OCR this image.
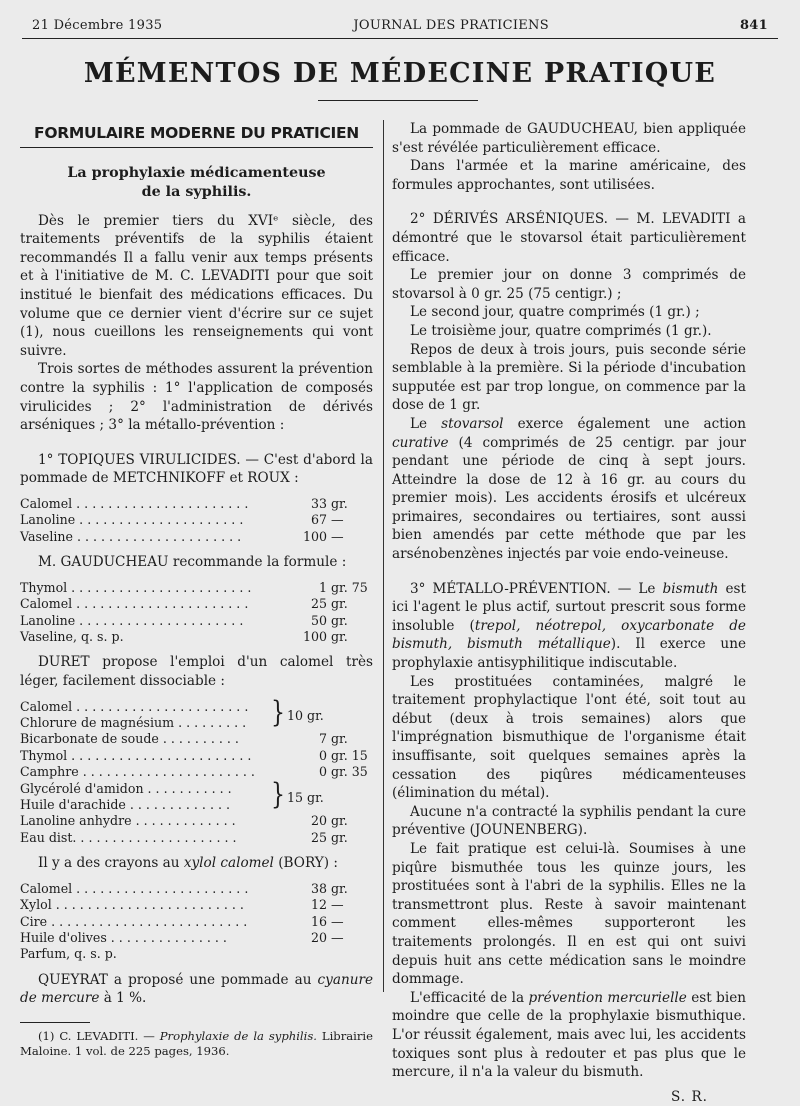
21 Décembre 1935	JOURNAL DES PRATICIENS	841
MÉMENTOS DE MÉDECINE PRATIQUE
FORMULAIRE MODERNE DU PRATICIEN
La prophylaxie médicamenteuse
de la syphilis.

Dès le premier tiers du XVIᵉ siècle, des traitements préventifs de la syphilis étaient recommandés Il a fallu venir aux temps présents et à l'initiative de M. C. LEVADITI pour que soit institué le bienfait des médications efficaces. Du volume que ce dernier vient d'écrire sur ce sujet (1), nous cueillons les renseignements qui vont suivre.

Trois sortes de méthodes assurent la prévention contre la syphilis : 1° l'application de composés virulicides ; 2° l'administration de dérivés arséniques ; 3° la métallo-prévention :

1° TOPIQUES VIRULICIDES. — C'est d'abord la pommade de METCHNIKOFF et ROUX :

Calomel . . . . . . . . . . . . . . . . . . . . . .	33	gr.
Lanoline . . . . . . . . . . . . . . . . . . . . .	67	—
Vaseline . . . . . . . . . . . . . . . . . . . . .	100	—

M. GAUDUCHEAU recommande la formule :

Thymol . . . . . . . . . . . . . . . . . . . . . . .	1	gr. 75
Calomel . . . . . . . . . . . . . . . . . . . . . .	25	gr.
Lanoline . . . . . . . . . . . . . . . . . . . . .	50	gr.
Vaseline, q. s. p.	100	gr.

DURET propose l'emploi d'un calomel très léger, facilement dissociable :

Calomel . . . . . . . . . . . . . . . . . . . . . .	} 10 gr.	
Chlorure de magnésium . . . . . . . . .		
Bicarbonate de soude . . . . . . . . . .	7	gr.
Thymol . . . . . . . . . . . . . . . . . . . . . . .	0	gr. 15
Camphre . . . . . . . . . . . . . . . . . . . . . .	0	gr. 35
Glycérolé d'amidon . . . . . . . . . . .	} 15 gr.	
Huile d'arachide . . . . . . . . . . . . .		
Lanoline anhydre . . . . . . . . . . . . .	20	gr.
Eau dist. . . . . . . . . . . . . . . . . . . . .	25	gr.

Il y a des crayons au xylol calomel (BORY) :

Calomel . . . . . . . . . . . . . . . . . . . . . .	38	gr.
Xylol . . . . . . . . . . . . . . . . . . . . . . . .	12	—
Cire . . . . . . . . . . . . . . . . . . . . . . . . .	16	—
Huile d'olives . . . . . . . . . . . . . . .	20	—
Parfum, q. s. p.		

QUEYRAT a proposé une pommade au cyanure de mercure à 1 %.

(1) C. LEVADITI. — Prophylaxie de la syphilis. Librairie Maloine. 1 vol. de 225 pages, 1936.

La pommade de GAUDUCHEAU, bien appliquée s'est révélée particulièrement efficace.

Dans l'armée et la marine américaine, des formules approchantes, sont utilisées.

2° DÉRIVÉS ARSÉNIQUES. — M. LEVADITI a démontré que le stovarsol était particulièrement efficace.

Le premier jour on donne 3 comprimés de stovarsol à 0 gr. 25 (75 centigr.) ;

Le second jour, quatre comprimés (1 gr.) ;

Le troisième jour, quatre comprimés (1 gr.).

Repos de deux à trois jours, puis seconde série semblable à la première. Si la période d'incubation supputée est par trop longue, on commence par la dose de 1 gr.

Le stovarsol exerce également une action curative (4 comprimés de 25 centigr. par jour pendant une période de cinq à sept jours. Atteindre la dose de 12 à 16 gr. au cours du premier mois). Les accidents érosifs et ulcéreux primaires, secondaires ou tertiaires, sont aussi bien amendés par cette méthode que par les arsénobenzènes injectés par voie endo-veineuse.

3° MÉTALLO-PRÉVENTION. — Le bismuth est ici l'agent le plus actif, surtout prescrit sous forme insoluble (trepol, néotrepol, oxycarbonate de bismuth, bismuth métallique). Il exerce une prophylaxie antisyphilitique indiscutable.

Les prostituées contaminées, malgré le traitement prophylactique l'ont été, soit tout au début (deux à trois semaines) alors que l'imprégnation bismuthique de l'organisme était insuffisante, soit quelques semaines après la cessation des piqûres médicamenteuses (élimination du métal).

Aucune n'a contracté la syphilis pendant la cure préventive (JOUNENBERG).

Le fait pratique est celui-là. Soumises à une piqûre bismuthée tous les quinze jours, les prostituées sont à l'abri de la syphilis. Elles ne la transmettront plus. Reste à savoir maintenant comment elles-mêmes supporteront les traitements prolongés. Il en est qui ont suivi depuis huit ans cette médication sans le moindre dommage.

L'efficacité de la prévention mercurielle est bien moindre que celle de la prophylaxie bismuthique. L'or réussit également, mais avec lui, les accidents toxiques sont plus à redouter et pas plus que le mercure, il n'a la valeur du bismuth.

S. R.
